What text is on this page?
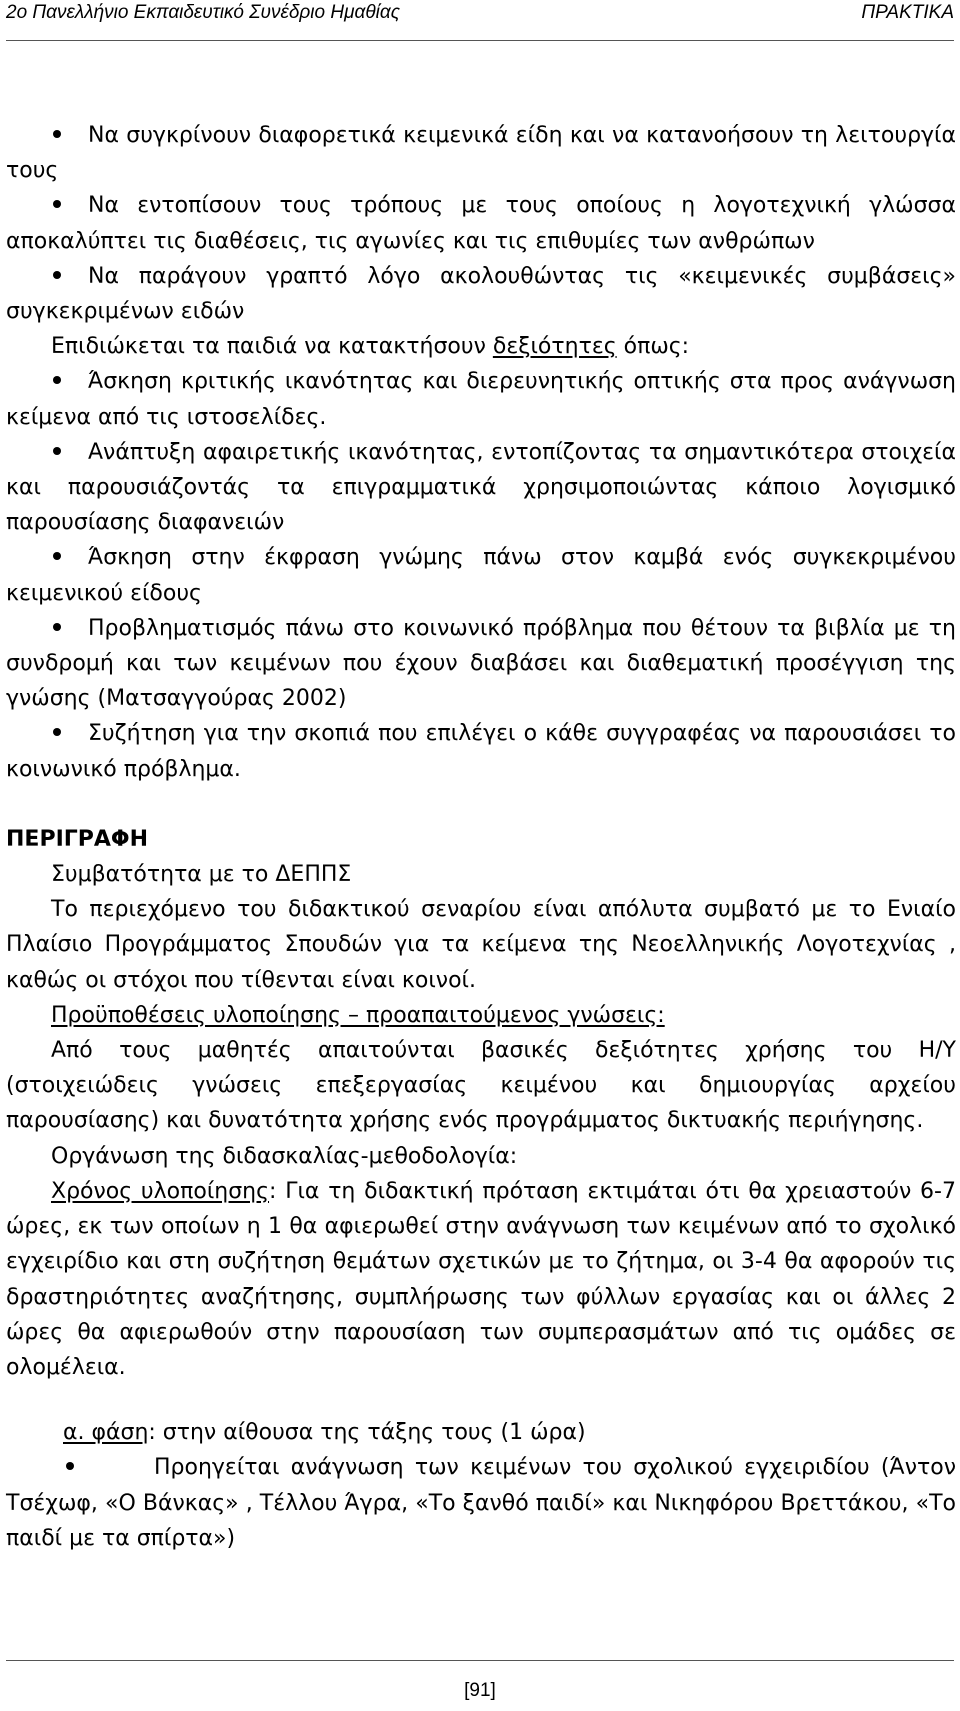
2ο Πανελλήνιο Εκπαιδευτικό Συνέδριο Ημαθίας	ΠΡΑΚΤΙΚΑ

Να συγκρίνουν διαφορετικά κειμενικά είδη και να κατανοήσουν τη λειτουργία τους

Να εντοπίσουν τους τρόπους με τους οποίους η λογοτεχνική γλώσσα αποκαλύπτει τις διαθέσεις, τις αγωνίες και τις επιθυμίες των ανθρώπων

Να παράγουν γραπτό λόγο ακολουθώντας τις «κειμενικές συμβάσεις» συγκεκριμένων ειδών

Επιδιώκεται τα παιδιά να κατακτήσουν δεξιότητες όπως:

Άσκηση κριτικής ικανότητας και διερευνητικής οπτικής στα προς ανάγνωση κείμενα από τις ιστοσελίδες.

Ανάπτυξη αφαιρετικής ικανότητας, εντοπίζοντας τα σημαντικότερα στοιχεία και παρουσιάζοντάς τα επιγραμματικά χρησιμοποιώντας κάποιο λογισμικό παρουσίασης διαφανειών

Άσκηση στην έκφραση γνώμης πάνω στον καμβά ενός συγκεκριμένου κειμενικού είδους

Προβληματισμός πάνω στο κοινωνικό πρόβλημα που θέτουν τα βιβλία με τη συνδρομή και των κειμένων που έχουν διαβάσει και διαθεματική προσέγγιση της γνώσης (Ματσαγγούρας 2002)

Συζήτηση για την σκοπιά που επιλέγει ο κάθε συγγραφέας να παρουσιάσει το κοινωνικό πρόβλημα.

ΠΕΡΙΓΡΑΦΗ

Συμβατότητα με το ΔΕΠΠΣ

Το περιεχόμενο του διδακτικού σεναρίου είναι απόλυτα συμβατό με το Ενιαίο Πλαίσιο Προγράμματος Σπουδών για τα κείμενα της Νεοελληνικής Λογοτεχνίας , καθώς οι στόχοι που τίθενται είναι κοινοί.

Προϋποθέσεις υλοποίησης – προαπαιτούμενος γνώσεις:

Από τους μαθητές απαιτούνται βασικές δεξιότητες χρήσης του Η/Υ (στοιχειώδεις γνώσεις επεξεργασίας κειμένου και δημιουργίας αρχείου παρουσίασης) και δυνατότητα χρήσης ενός προγράμματος δικτυακής περιήγησης.

Οργάνωση της διδασκαλίας-μεθοδολογία:

Χρόνος υλοποίησης: Για τη διδακτική πρόταση εκτιμάται ότι θα χρειαστούν 6-7 ώρες, εκ των οποίων η 1 θα αφιερωθεί στην ανάγνωση των κειμένων από το σχολικό εγχειρίδιο και στη συζήτηση θεμάτων σχετικών με το ζήτημα, οι 3-4 θα αφορούν τις δραστηριότητες αναζήτησης, συμπλήρωσης των φύλλων εργασίας και οι άλλες 2 ώρες θα αφιερωθούν στην παρουσίαση των συμπερασμάτων από τις ομάδες σε ολομέλεια.

α. φάση: στην αίθουσα της τάξης τους (1 ώρα)

Προηγείται ανάγνωση των κειμένων του σχολικού εγχειριδίου (Άντον Τσέχωφ, «Ο Βάνκας» , Τέλλου Άγρα, «Το ξανθό παιδί» και Νικηφόρου Βρεττάκου, «Το παιδί με τα σπίρτα»)

[91]
